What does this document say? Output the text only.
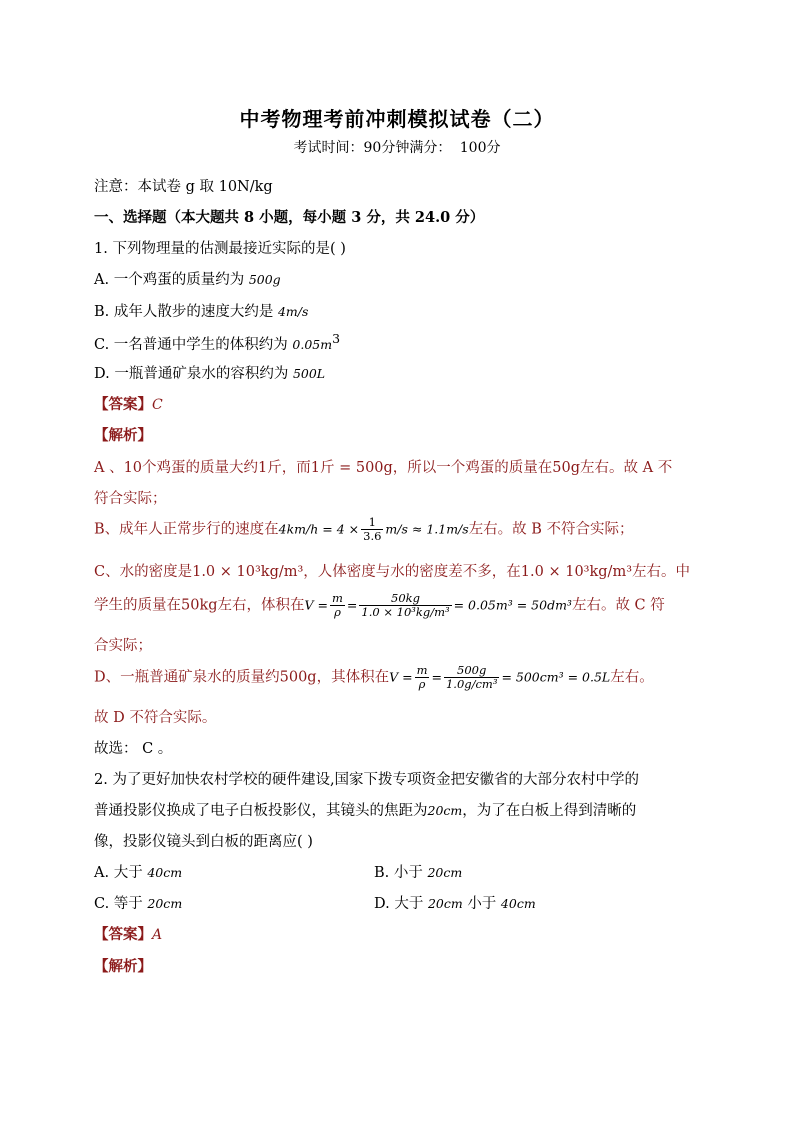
中考物理考前冲刺模拟试卷（二）
考试时间：90分钟满分： 100分
注意：本试卷 g 取 10N/kg
一、选择题（本大题共 8 小题，每小题 3 分，共 24.0 分）
1. 下列物理量的估测最接近实际的是( )
A. 一个鸡蛋的质量约为 500g
B. 成年人散步的速度大约是 4m/s
C. 一名普通中学生的体积约为 $0.05m^3$
D. 一瓶普通矿泉水的容积约为 500L
【答案】C
【解析】
A 、10个鸡蛋的质量大约1斤，而1斤 = 500g，所以一个鸡蛋的质量在50g左右。故 A 不
符合实际；
B、成年人正常步行的速度在$4km/h = 4 \times \frac{1}{3.6} m/s \approx 1.1m/s$左右。故 B 不符合实际；
C、水的密度是1.0 × 10³kg/m³，人体密度与水的密度差不多，在1.0 × 10³kg/m³左右。中
学生的质量在50kg左右，体积在$V = \frac{m}{\rho} = \frac{50kg}{\text{1.0 × 10³kg/m³}} = 0.05m^3 = 50dm^3$左右。故 C 符
合实际；
D、一瓶普通矿泉水的质量约500g，其体积在$V = \frac{m}{\rho} = \frac{500g}{\text{1.0g/cm³}} = 500cm^3 = 0.5L$左右。
故 D 不符合实际。
故选： C 。
2. 为了更好加快农村学校的硬件建设,国家下拨专项资金把安徽省的大部分农村中学的
普通投影仪换成了电子白板投影仪，其镜头的焦距为20cm，为了在白板上得到清晰的
像，投影仪镜头到白板的距离应( )
A. 大于 40cm	B. 小于 20cm
C. 等于 20cm	D. 大于 20cm 小于 40cm
【答案】A
【解析】
